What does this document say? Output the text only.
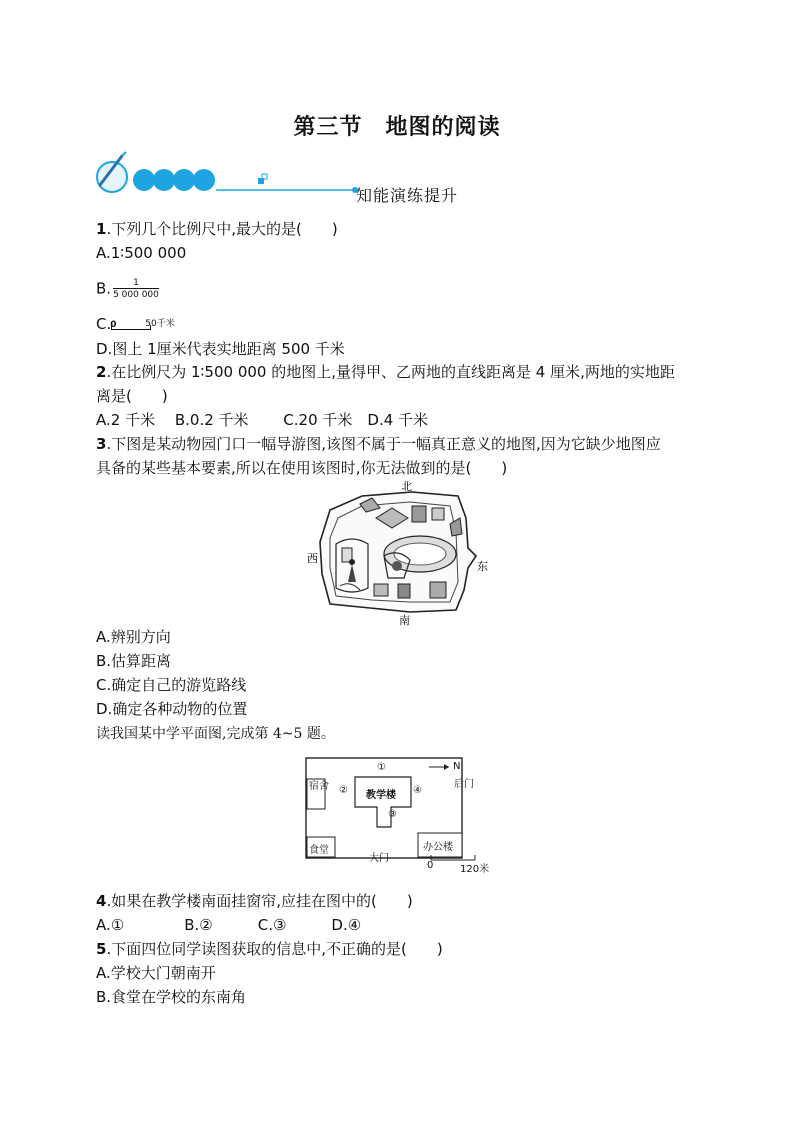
第三节　地图的阅读
知能演练提升
1.下列几个比例尺中,最大的是(　　)
A.1∶500 000
B. $\frac{1}{5 000 000}$
C. 0	50千米
D.图上 1厘米代表实地距离 500 千米
2.在比例尺为 1∶500 000 的地图上,量得甲、乙两地的直线距离是 4 厘米,两地的实地距
离是(　　)
A.2 千米　 B.0.2 千米　　 C.20 千米　D.4 千米
3.下图是某动物园门口一幅导游图,该图不属于一幅真正意义的地图,因为它缺少地图应
具备的某些基本要素,所以在使用该图时,你无法做到的是(　　)
北
南
西
东
A.辨别方向
B.估算距离
C.确定自己的游览路线
D.确定各种动物的位置
读我国某中学平面图,完成第 4~5 题。
宿舍
食堂
教学楼
大门
办公楼
后门
N
①
②
③
④
0	120米
4.如果在教学楼南面挂窗帘,应挂在图中的(　　)
A.①　　　　B.②　　　C.③　　　D.④
5.下面四位同学读图获取的信息中,不正确的是(　　)
A.学校大门朝南开
B.食堂在学校的东南角
